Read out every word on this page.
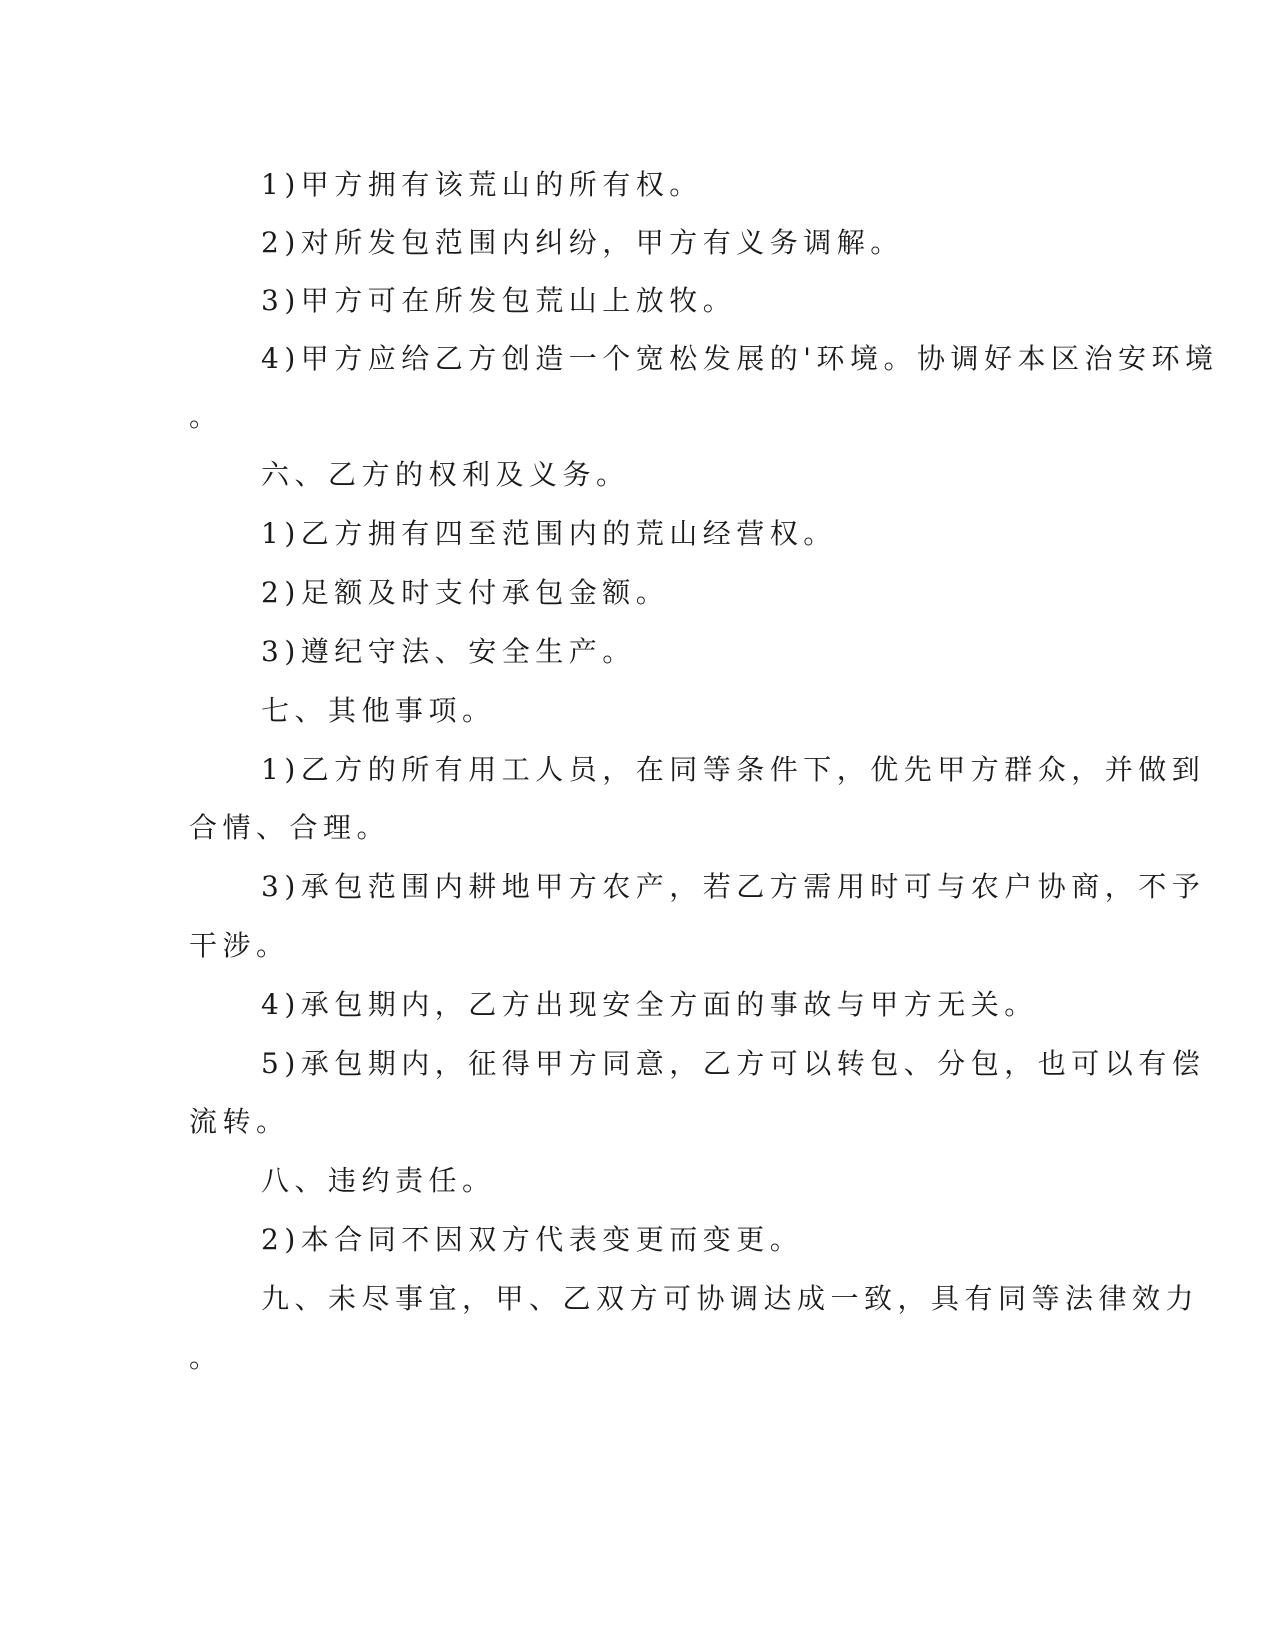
1)甲方拥有该荒山的所有权。
2)对所发包范围内纠纷，甲方有义务调解。
3)甲方可在所发包荒山上放牧。
4)甲方应给乙方创造一个宽松发展的'环境。协调好本区治安环境
。
六、乙方的权利及义务。
1)乙方拥有四至范围内的荒山经营权。
2)足额及时支付承包金额。
3)遵纪守法、安全生产。
七、其他事项。
1)乙方的所有用工人员，在同等条件下，优先甲方群众，并做到
合情、合理。
3)承包范围内耕地甲方农产，若乙方需用时可与农户协商，不予
干涉。
4)承包期内，乙方出现安全方面的事故与甲方无关。
5)承包期内，征得甲方同意，乙方可以转包、分包，也可以有偿
流转。
八、违约责任。
2)本合同不因双方代表变更而变更。
九、未尽事宜，甲、乙双方可协调达成一致，具有同等法律效力
。
